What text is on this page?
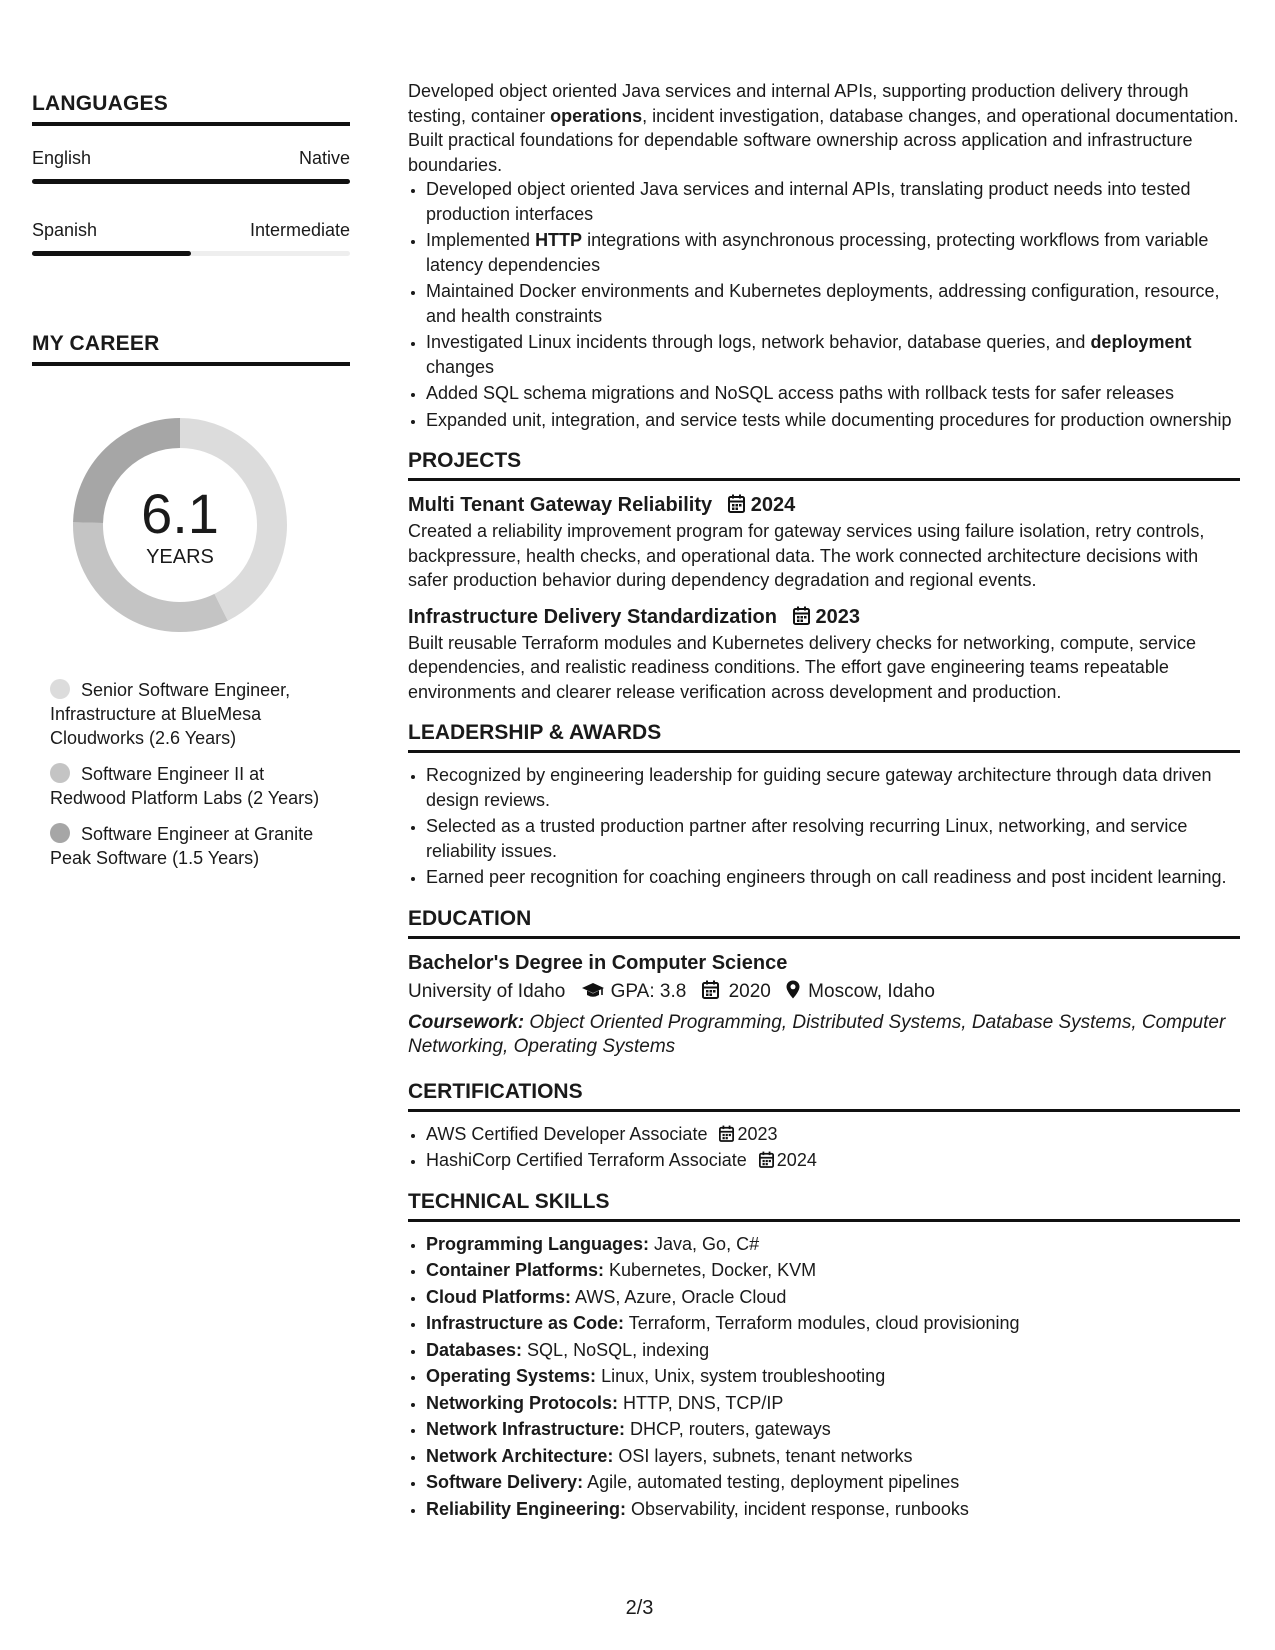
LANGUAGES
English	Native
Spanish	Intermediate
MY CAREER
6.1
YEARS
Senior Software Engineer, Infrastructure at BlueMesa Cloudworks (2.6 Years)
Software Engineer II at Redwood Platform Labs (2 Years)
Software Engineer at Granite Peak Software (1.5 Years)

Developed object oriented Java services and internal APIs, supporting production delivery through testing, container operations, incident investigation, database changes, and operational documentation. Built practical foundations for dependable software ownership across application and infrastructure boundaries.

• Developed object oriented Java services and internal APIs, translating product needs into tested production interfaces
• Implemented HTTP integrations with asynchronous processing, protecting workflows from variable latency dependencies
• Maintained Docker environments and Kubernetes deployments, addressing configuration, resource, and health constraints
• Investigated Linux incidents through logs, network behavior, database queries, and deployment changes
• Added SQL schema migrations and NoSQL access paths with rollback tests for safer releases
• Expanded unit, integration, and service tests while documenting procedures for production ownership
PROJECTS
Multi Tenant Gateway Reliability 2024

Created a reliability improvement program for gateway services using failure isolation, retry controls, backpressure, health checks, and operational data. The work connected architecture decisions with safer production behavior during dependency degradation and regional events.

Infrastructure Delivery Standardization 2023

Built reusable Terraform modules and Kubernetes delivery checks for networking, compute, service dependencies, and realistic readiness conditions. The effort gave engineering teams repeatable environments and clearer release verification across development and production.

LEADERSHIP & AWARDS
• Recognized by engineering leadership for guiding secure gateway architecture through data driven design reviews.
• Selected as a trusted production partner after resolving recurring Linux, networking, and service reliability issues.
• Earned peer recognition for coaching engineers through on call readiness and post incident learning.
EDUCATION
Bachelor's Degree in Computer Science
University of Idaho GPA: 3.8 2020 Moscow, Idaho
Coursework: Object Oriented Programming, Distributed Systems, Database Systems, Computer Networking, Operating Systems
CERTIFICATIONS
• AWS Certified Developer Associate 2023
• HashiCorp Certified Terraform Associate 2024
TECHNICAL SKILLS
• Programming Languages: Java, Go, C#
• Container Platforms: Kubernetes, Docker, KVM
• Cloud Platforms: AWS, Azure, Oracle Cloud
• Infrastructure as Code: Terraform, Terraform modules, cloud provisioning
• Databases: SQL, NoSQL, indexing
• Operating Systems: Linux, Unix, system troubleshooting
• Networking Protocols: HTTP, DNS, TCP/IP
• Network Infrastructure: DHCP, routers, gateways
• Network Architecture: OSI layers, subnets, tenant networks
• Software Delivery: Agile, automated testing, deployment pipelines
• Reliability Engineering: Observability, incident response, runbooks
2/3
